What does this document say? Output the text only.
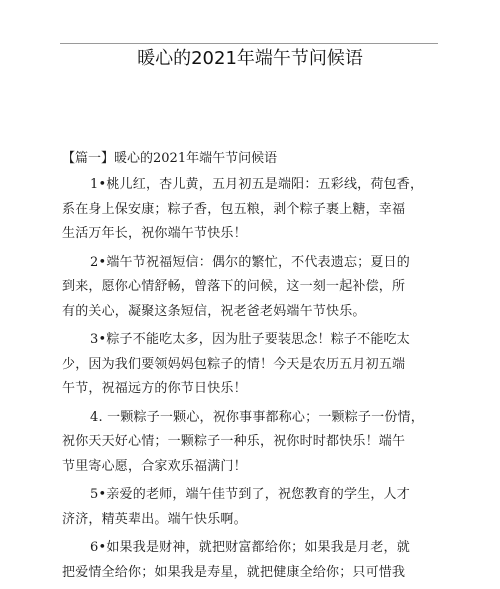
暖心的2021年端午节问候语
【篇一】暖心的2021年端午节问候语

1•桃儿红，杏儿黄，五月初五是端阳：五彩线，荷包香，
系在身上保安康；粽子香，包五粮，剥个粽子裹上糖，幸福
生活万年长，祝你端午节快乐！

2•端午节祝福短信：偶尔的繁忙，不代表遗忘；夏日的
到来，愿你心情舒畅，曾落下的问候，这一刻一起补偿，所
有的关心，凝聚这条短信，祝老爸老妈端午节快乐。

3•粽子不能吃太多，因为肚子要装思念！粽子不能吃太
少，因为我们要领妈妈包粽子的情！今天是农历五月初五端
午节，祝福远方的你节日快乐！

4. 一颗粽子一颗心，祝你事事都称心；一颗粽子一份情，
祝你天天好心情；一颗粽子一种乐，祝你时时都快乐！端午
节里寄心愿，合家欢乐福满门！

5•亲爱的老师，端午佳节到了，祝您教育的学生，人才
济济，精英辈出。端午快乐啊。

6•如果我是财神，就把财富都给你；如果我是月老，就
把爱情全给你；如果我是寿星，就把健康全给你；只可惜我
